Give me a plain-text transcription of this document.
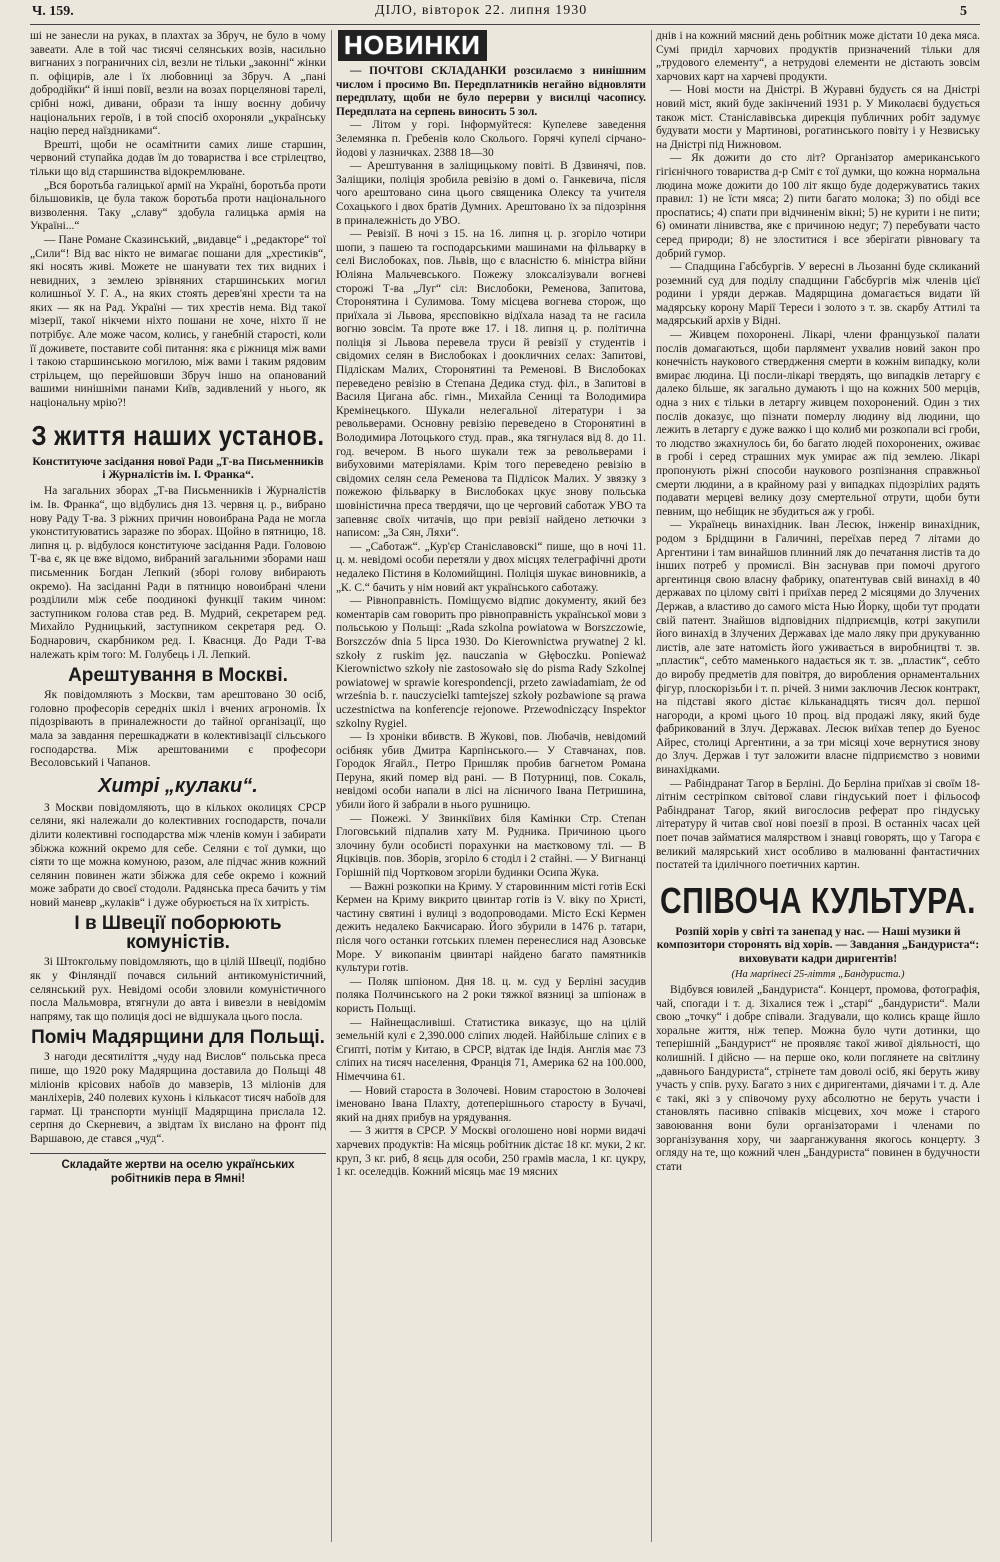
Ч. 159.	ДІЛО, вівторок 22. липня 1930	5

ші не занесли на руках, в плахтах за Збруч, не було в чому завеати. Але в той час тисячі селянських возів, насильно вигнаних з пограничних сіл, везли не тільки „законні“ жінки п. офіцирів, але і їх любовниці за Збруч. А „пані добродійки“ й інші повії, везли на возах порцелянові тарелі, срібні ножі, дивани, образи та іншу воєнну добичу національних героїв, і в той спосіб охороняли „українську націю перед наїздниками“.

Врешті, щоби не осамітнити самих лише старшин, червоний ступайка додав їм до товариства і все стрілецтво, тільки що від старшинства відокремлюване.

„Вся боротьба галицької армії на Україні, боротьба проти більшовиків, це була також боротьба проти національного визволення. Таку „славу“ здобула галицька армія на Україні...“

— Пане Романе Сказинський, „видавце“ і „редакторе“ тої „Сили“! Від вас нікто не вимагає пошани для „хрестиків“, які носять живі. Можете не шанувати тех тих видних і невидних, з землею зрівняних старшинських могил колишньої У. Г. А., на яких стоять дерев'яні хрести та на яких — як на Рад. Україні — тих хрестів нема. Від такої мізерії, такої нікчеми ніхто пошани не хоче, ніхто її не потрібує. Але може часом, колись, у ганебній старості, коли її доживете, поставите собі питання: яка є ріжниця між вами і такою старшинською могилою, між вами і таким рядовим стрільцем, що перейшовши Збруч іншо на опанований вашими нинішніми панами Київ, задивлений у нього, як національну мрію?!

З життя наших установ.
Конституюче засідання нової Ради „Т-ва Письменників і Журналістів ім. І. Франка“.

На загальних зборах „Т-ва Письменників і Журналістів ім. Ів. Франка“, що відбулись дня 13. червня ц. р., вибрано нову Раду Т-ва. З ріжних причин новоибрана Рада не могла уконституюватись заразже по зборах. Щойно в пятницю, 18. липня ц. р. відбулося конституюче засідання Ради. Головою Т-ва є, як це вже відомо, вибраний загальними зборами наш письменник Богдан Лепкий (зборі голову вибирають окремо). На засіданні Ради в пятницю новоибрані члени розділили між себе поодинокі функції таким чином: заступником голова став ред. В. Мудрий, секретарем ред. Михайло Рудницький, заступником секретаря ред. О. Боднарович, скарбником ред. І. Кваснця. До Ради Т-ва належать крім того: М. Голубець і Л. Лепкий.

Арештування в Москві.

Як повідомляють з Москви, там арештовано 30 осіб, головно професорів середніх шкіл і вчених агрономів. Їх підозрівають в приналежности до тайної організації, що мала за завдання перешкаджати в колективізації сільського господарства. Між арештованими є професори Весоловський і Чапанов.

Хитрі „кулаки“.

З Москви повідомляють, що в кількох околицях СРСР селяни, які належали до колективних господарств, почали ділити колективні господарства між членів комун і забирати збіжжа кожний окремо для себе. Селяни є тої думки, що сіяти то ще можна комуною, разом, але підчас жнив кожний селянин повинен жати збіжжа для себе окремо і кожний може забрати до своєї стодоли. Радянська преса бачить у тім новий маневр „кулаків“ і дуже обурюється на їх хитрість.

І в Швеції поборюють комуністів.

Зі Штокгольму повідомляють, що в цілій Швеції, подібно як у Фінляндії почався сильний антикомуністичний, селянський рух. Невідомі особи зловили комуністичного посла Мальмовра, втягнули до авта і вивезли в невідомім напряму, так що полиція досі не відшукала цього посла.

Поміч Мадярщини для Польщі.

З нагоди десятиліття „чуду над Вислов“ польська преса пише, що 1920 року Мадярщина доставила до Польщі 48 міліонів крісових набоїв до мавзерів, 13 міліонів для манліхерів, 240 полевих кухонь і кількасот тисяч набоїв для гармат. Ці транспорти муніції Мадярщина прислала 12. серпня до Скерневич, а звідтам їх вислано на фронт під Варшавою, де стався „чуд“.

Складайте жертви на оселю українських робітників пера в Ямні!
НОВИНКИ

— ПОЧТОВІ СКЛАДАНКИ розсилаємо з нинішним числом і просимо Вп. Передплатників негайно відновляти передплату, щоби не було перерви у висилці часопису. Передплата на серпень виносить 5 зол.

— Літом у горі. Інформуйтеся: Купелеве заведення Зелемянка п. Гребенів коло Сколього. Горячі купелі сірчано-йодові у лазничках. 2388 18—30

— Арештування в заліщицькому повіті. В Дзвинячі, пов. Заліщики, поліція зробила ревізію в домі о. Ганкевича, після чого арештовано сина цього священика Олексу та учителя Сохацького і двох братів Думних. Арештовано їх за підозріння в приналежність до УВО.

— Ревізії. В ночі з 15. на 16. липня ц. р. згоріло чотири шопи, з пашею та господарськими машинами на фільварку в селі Вислобоках, пов. Львів, що є власністю 6. міністра війни Юліяна Мальчевського. Пожежу злоксалізували вогневі сторожі Т-ва „Луг“ сіл: Вислобоки, Ременова, Запитова, Сторонятина і Сулимова. Тому місцева вогнева сторож, що приїхала зі Львова, ярєсповікно відїхала назад та не гасила вогню зовсім. Та проте вже 17. і 18. липня ц. р. політична поліція зі Львова перевела труси й ревізії у студентів і свідомих селян в Вислобоках і доокличних селах: Запитові, Підліскам Малих, Сторонятині та Ременові. В Вислобоках переведено ревізію в Степана Дедика студ. філ., в Запитові в Василя Цигана абс. гімн., Михайла Сениці та Володимира Кремінецького. Шукали нелегальної літератури і за револьверами. Основну ревізію переведено в Сторонятині в Володимира Лотоцького студ. прав., яка тягнулася від 8. до 11. год. вечером. В нього шукали теж за револьверами і вибуховими матеріялами. Крім того переведено ревізію в свідомих селян села Ременова та Підлісок Малих. У звязку з пожежою фільварку в Вислобоках цкує знову польська шовіністична преса твердячи, що це черговий саботаж УВО та запевняє своїх читачів, що при ревізії найдено летючки з написом: „За Сян, Ляхи“.

— „Саботаж“. „Кур'єр Станіславовскі“ пише, що в ночі 11. ц. м. невідомі особи перетяли у двох місцях телеграфічні дроти недалеко Пістиня в Коломийщині. Поліція шукає виновників, а „К. С.“ бачить у нім новий акт українського саботажу.

— Рівноправність. Поміщуємо відпис документу, який без коментарів сам говорить про рівноправність української мови з польською у Польщі: „Rada szkolna powiatowa w Borszczowie, Borszczów dnia 5 lipca 1930. Do Kierownictwa prywatnej 2 kl. szkoły z ruskim jęz. nauczania w Głęboczku. Ponieważ Kierownictwo szkoły nie zastosowało się do pisma Rady Szkolnej powiatowej w sprawie korespondencji, przeto zawiadamiam, że od września b. r. nauczycielki tamtejszej szkoły pozbawione są prawa uczestnictwa na konferencje rejonowe. Przewodniczący Inspektor szkolny Rygiel.

— Із хроніки вбивств. В Жукові, пов. Любачів, невідомий осібняк убив Дмитра Карпінського.— У Ставчанах, пов. Городок Ягайл., Петро Пришляк пробив багнетом Романа Перуна, який помер від рані. — В Потурниці, пов. Сокаль, невідомі особи напали в лісі на лісничого Івана Петришина, убили його й забрали в нього рушницю.

— Пожежі. У Звинкіївих біля Камінки Стр. Степан Глоговський підпалив хату М. Рудника. Причиною цього злочину були особисті порахунки на маєтковому тлі. — В Яцківців. пов. Зборів, згоріло 6 стоділ і 2 стайні. — У Вигнанці Горішній під Чортковом згоріли будинки Осипа Жука.

— Важні розкопки на Криму. У старовинним місті готів Ескі Кермен на Криму викрито цвинтар готів із V. віку по Христі, частину святині і вулиці з водопроводами. Місто Ескі Кермен дежить недалеко Бакчисараю. Його збурили в 1476 р. татари, після чого останки готських племен перенеслися над Азовське Море. У викопанім цвинтарі найдено багато памятників культури готів.

— Поляк шпіоном. Дня 18. ц. м. суд у Берліні засудив поляка Полчинського на 2 роки тяжкої вязниці за шпіонаж в користь Польщі.

— Найнещасливіші. Статистика виказує, що на цілій земельній кулі є 2,390.000 сліпих людей. Найбільше сліпих є в Єгипті, потім у Китаю, в СРСР, відтак іде Індія. Англія має 73 сліпих на тисяч населення, Франція 71, Америка 62 на 100.000, Німеччина 61.

— Новий староста в Золочеві. Новим старостою в Золочеві іменовано Івана Плахту, дотеперішнього старосту в Бучачі, який на днях прибув на урядування.

— З життя в СРСР. У Москві оголошено нові норми видачі харчевих продуктів: На місяць робітник дістає 18 кг. муки, 2 кг. круп, 3 кг. риб, 8 яєць для особи, 250 грамів масла, 1 кг. цукру, 1 кг. оселедців. Кожний місяць має 19 мясних

днів і на кожний мясний день робітник може дістати 10 дека мяса. Сумі приділ харчових продуктів призначений тільки для „трудового елементу“, а нетрудові елементи не дістають зовсім харчових карт на харчеві продукти.

— Нові мости на Дністрі. В Журавні будуєть ся на Дністрі новий міст, який буде закінчений 1931 р. У Миколаєві будується також міст. Станіславівська дирекція публичних робіт задумує будувати мости у Мартинові, рогатинського повіту і у Незвиську на Дністрі під Нижновом.

— Як дожити до сто літ? Організатор американського гігієнічного товариства д-р Сміт є тої думки, що кожна нормальна людина може дожити до 100 літ якщо буде додержуватись таких правил: 1) не їсти мяса; 2) пити багато молока; 3) по обіді все проспатись; 4) спати при відчиненім вікні; 5) не курити і не пити; 6) оминати лінивства, яке є причиною недуг; 7) перебувати часто серед природи; 8) не злоститися і все зберігати рівновагу та добрий гумор.

— Спадщина Габсбургів. У вересні в Льозанні буде скликаний роземний суд для поділу спадщини Габсбургів між членів цієї родини і уряди держав. Мадярщина домагається видати їй мадярську корону Марії Тереси і золото з т. зв. скарбу Аттилі та мадярський архів у Відні.

— Живцем похоронені. Лікарі, члени французької палати послів домагаються, щоби парлямент ухвалив новий закон про конечність наукового ствердження смерти в кожнім випадку, коли вмирає людина. Ці посли-лікарі твердять, що випадків летаргу є далеко більше, як загально думають і що на кожних 500 мерців, одна з них є тільки в летаргу живцем похоронений. Один з тих послів доказує, що пізнати померлу людину від людини, що лежить в летаргу є дуже важко і що колиб ми розкопали всі гроби, то людство зжахнулось би, бо багато людей похоронених, оживає в гробі і серед страшних мук умирає аж під землею. Лікарі пропонують ріжні способи наукового розпізнання справжньої смерти людини, а в крайному разі у випадках підозріліих радять подавати мерцеві велику дозу смертельної отрути, щоби бути певним, що небіщик не збудиться аж у гробі.

— Українець винахідник. Іван Лесюк, інженір винахідник, родом з Брідщини в Галичині, переїхав перед 7 літами до Аргентини і там винайшов плинний ляк до печатання листів та до інших потреб у промислі. Він заснував при помочі другого аргентинця свою власну фабрику, опатентував свій винахід в 40 державах по цілому світі і приїхав перед 2 місяцями до Злучених Держав, а властиво до самого міста Нью Йорку, щоби тут продати свій патент. Знайшов відповідних підприємців, котрі закупили його винахід в Злучених Державах іде мало ляку при друкуванню листів, але зате натомість його уживається в виробництві т. зв. „пластик“, себто маменького надається як т. зв. „пластик“, себто до виробу предметів для повітря, до виробления орнаментальних фігур, плоскорізьби і т. п. річей. З ними заключив Лесюк контракт, на підставі якого дістає кільканадцять тисяч дол. першої нагороди, а кромі цього 10 проц. від продажі ляку, який буде фабрикований в Злуч. Державах. Лесюк виїхав тепер до Буенос Айрес, столиці Аргентини, а за три місяці хоче вернутися знову до Злуч. Держав і тут заложити власне підприємство з новими винахідками.

— Рабіндранат Тагор в Берліні. До Берліна приїхав зі своїм 18-літнім сестріпком світової слави гіндуський поет і фільософ Рабіндранат Тагор, який вигослосив реферат про гіндуську літературу й читав свої нові поезії в прозі. В останніх часах цей поет почав займатися малярством і знавці говорять, що у Тагора є великий малярський хист особливо в малюванні фантастичних постатей та ідилічного поетичних картин.

СПІВОЧА КУЛЬТУРА.
Розпій хорів у світі та занепад у нас. — Наші музики й композитори сторонять від хорів. — Завдання „Бандуриста“: виховувати кадри диригентів!
(На марґінесі 25-ліття „Бандуриста.)

Відбувся ювилей „Бандуриста“. Концерт, промова, фотографія, чай, спогади і т. д. Зіхалися теж і „старі“ „бандуристи“. Мали свою „точку“ і добре співали. Згадували, що колись краще йшло хоральне життя, ніж тепер. Можна було чути дотинки, що теперішній „Бандурист“ не проявляє такої живої діяльності, що колишній. І дійсно — на перше око, коли поглянете на світлину „давнього Бандуриста“, стрінете там доволі осіб, які беруть живу участь у спів. руху. Багато з них є диригентами, діячами і т. д. Але є такі, які з у співочому руху абсолютно не беруть участи і становлять пасивно співаків місцевих, хоч може і старого завоювання вони були організаторами і членами по зорганізування хору, чи заарганжування якогось концерту. З огляду на те, що кожний член „Бандуриста“ повинен в будучности стати
